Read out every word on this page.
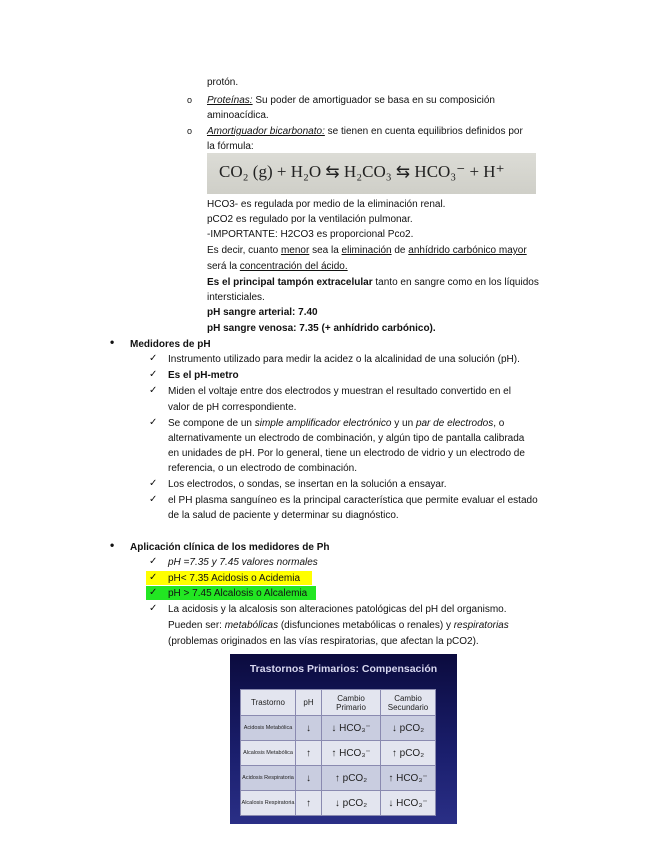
protón.
o Proteínas: Su poder de amortiguador se basa en su composición
aminoacídica.
o Amortiguador bicarbonato: se tienen en cuenta equilibrios definidos por
la fórmula:
CO₂ (g) + H₂O ⇆ H₂CO₃ ⇆ HCO₃⁻ + H⁺
HCO3- es regulada por medio de la eliminación renal.
pCO2 es regulado por la ventilación pulmonar.
-IMPORTANTE: H2CO3 es proporcional Pco2.
Es decir, cuanto menor sea la eliminación de anhídrido carbónico mayor
será la concentración del ácido.
Es el principal tampón extracelular tanto en sangre como en los líquidos
intersticiales.
pH sangre arterial: 7.40
pH sangre venosa: 7.35 (+ anhídrido carbónico).
• Medidores de pH
✓ Instrumento utilizado para medir la acidez o la alcalinidad de una solución (pH).
✓ Es el pH-metro
✓ Miden el voltaje entre dos electrodos y muestran el resultado convertido en el
valor de pH correspondiente.
✓ Se compone de un simple amplificador electrónico y un par de electrodos, o
alternativamente un electrodo de combinación, y algún tipo de pantalla calibrada
en unidades de pH. Por lo general, tiene un electrodo de vidrio y un electrodo de
referencia, o un electrodo de combinación.
✓ Los electrodos, o sondas, se insertan en la solución a ensayar.
✓ el PH plasma sanguíneo es la principal característica que permite evaluar el estado
de la salud de paciente y determinar su diagnóstico.
• Aplicación clínica de los medidores de Ph
✓ pH =7.35 y 7.45 valores normales
✓ pH< 7.35 Acidosis o Acidemia
✓ pH > 7.45 Alcalosis o Alcalemia
✓ La acidosis y la alcalosis son alteraciones patológicas del pH del organismo.
Pueden ser: metabólicas (disfunciones metabólicas o renales) y respiratorias
(problemas originados en las vías respiratorias, que afectan la pCO2).
Trastornos Primarios: Compensación
Trastorno	pH	Cambio Primario	Cambio Secundario
Acidosis Metabólica	↓	↓ HCO₃⁻	↓ pCO₂
Alcalosis Metabólica	↑	↑ HCO₃⁻	↑ pCO₂
Acidosis Respiratoria	↓	↑ pCO₂	↑ HCO₃⁻
Alcalosis Respiratoria	↑	↓ pCO₂	↓ HCO₃⁻
